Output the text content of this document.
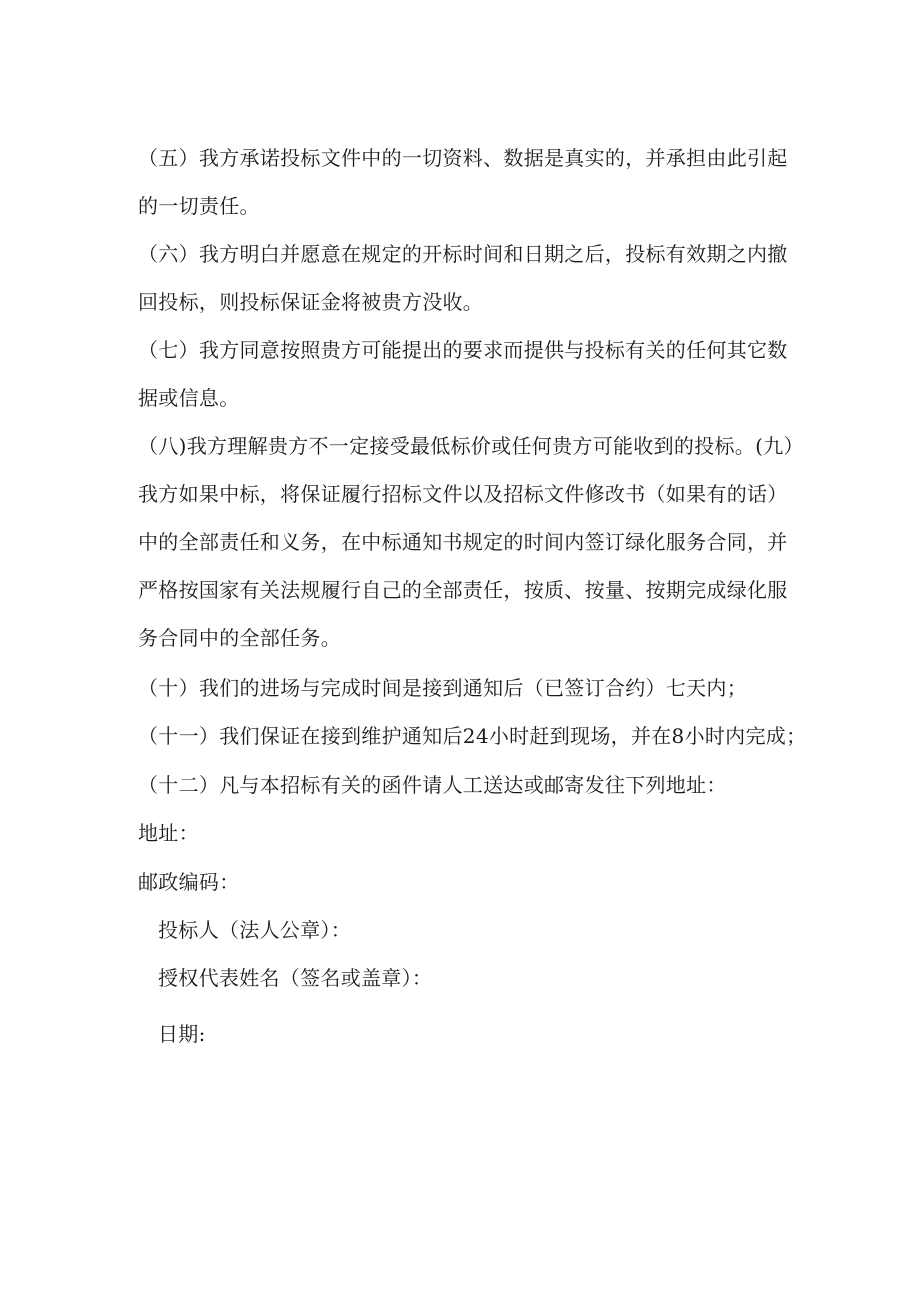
（五）我方承诺投标文件中的一切资料、数据是真实的，并承担由此引起
的一切责任。
（六）我方明白并愿意在规定的开标时间和日期之后，投标有效期之内撤
回投标，则投标保证金将被贵方没收。
（七）我方同意按照贵方可能提出的要求而提供与投标有关的任何其它数
据或信息。
（八)我方理解贵方不一定接受最低标价或任何贵方可能收到的投标。(九）
我方如果中标，将保证履行招标文件以及招标文件修改书（如果有的话）
中的全部责任和义务，在中标通知书规定的时间内签订绿化服务合同，并
严格按国家有关法规履行自己的全部责任，按质、按量、按期完成绿化服
务合同中的全部任务。
（十）我们的进场与完成时间是接到通知后（已签订合约）七天内；
（十一）我们保证在接到维护通知后24小时赶到现场，并在8小时内完成；
（十二）凡与本招标有关的函件请人工送达或邮寄发往下列地址：
地址：
邮政编码：
投标人（法人公章）：
授权代表姓名（签名或盖章）：
日期:
